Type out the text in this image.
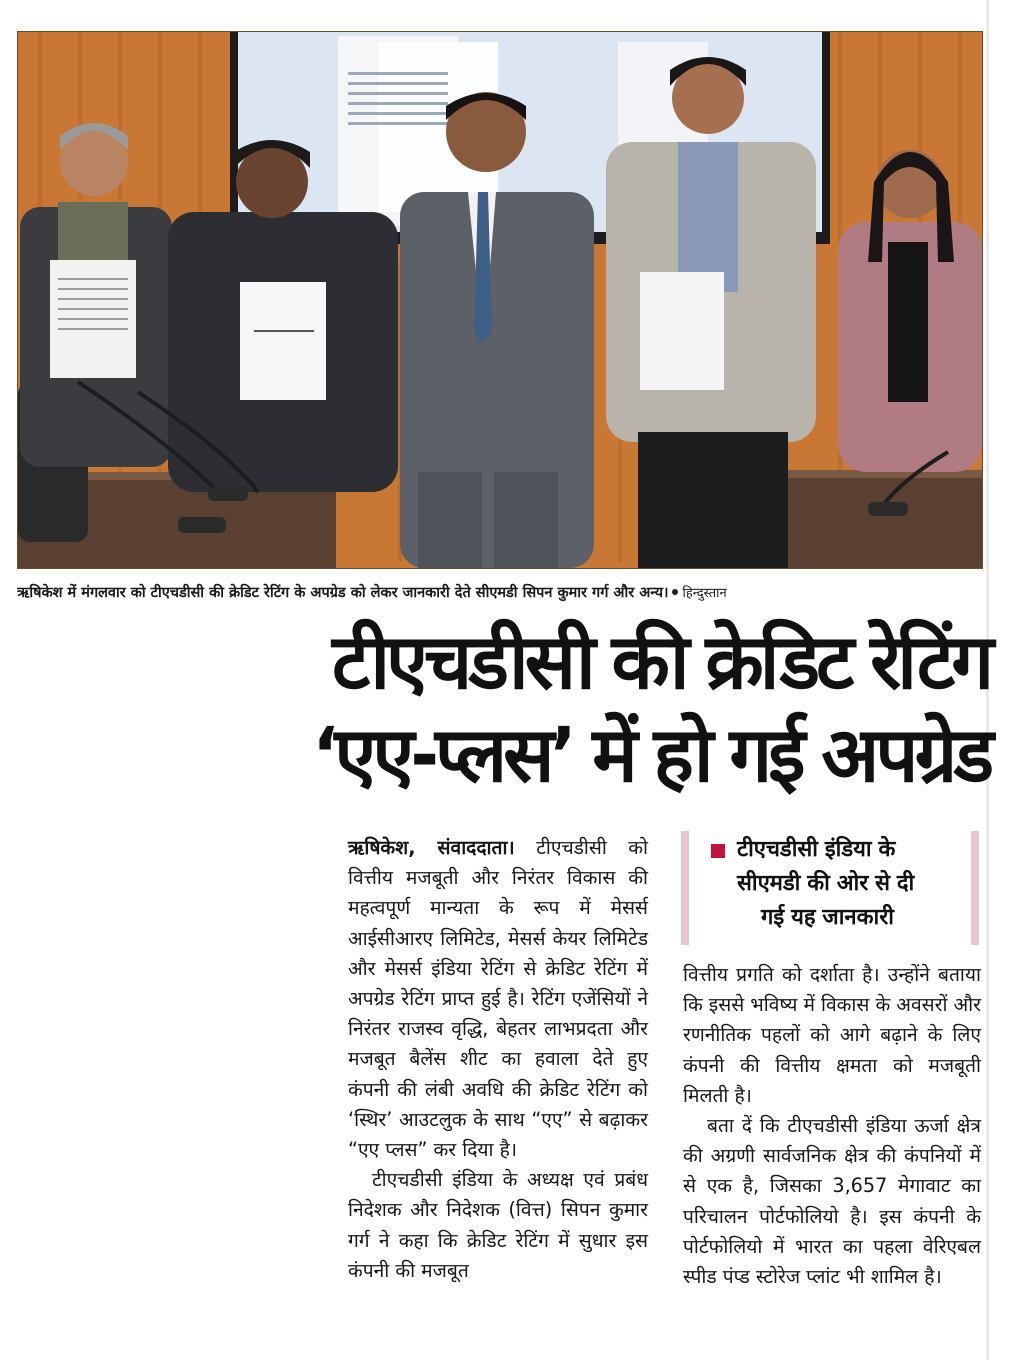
ऋषिकेश में मंगलवार को टीएचडीसी की क्रेडिट रेटिंग के अपग्रेड को लेकर जानकारी देते सीएमडी सिपन कुमार गर्ग और अन्य। हिन्दुस्तान
टीएचडीसी की क्रेडिट रेटिंग
‘एए-प्लस’ में हो गई अपग्रेड
टीएचडीसी इंडिया के
सीएमडी की ओर से दी
गई यह जानकारी

ऋषिकेश, संवाददाता। टीएचडीसी को वित्तीय मजबूती और निरंतर विकास की महत्वपूर्ण मान्यता के रूप में मेसर्स आईसीआरए लिमिटेड, मेसर्स केयर लिमिटेड और मेसर्स इंडिया रेटिंग से क्रेडिट रेटिंग में अपग्रेड रेटिंग प्राप्त हुई है। रेटिंग एजेंसियों ने निरंतर राजस्व वृद्धि, बेहतर लाभप्रदता और मजबूत बैलेंस शीट का हवाला देते हुए कंपनी की लंबी अवधि की क्रेडिट रेटिंग को ‘स्थिर’ आउटलुक के साथ “एए” से बढ़ाकर “एए प्लस” कर दिया है।

टीएचडीसी इंडिया के अध्यक्ष एवं प्रबंध निदेशक और निदेशक (वित्त) सिपन कुमार गर्ग ने कहा कि क्रेडिट रेटिंग में सुधार इस कंपनी की मजबूत

वित्तीय प्रगति को दर्शाता है। उन्होंने बताया कि इससे भविष्य में विकास के अवसरों और रणनीतिक पहलों को आगे बढ़ाने के लिए कंपनी की वित्तीय क्षमता को मजबूती मिलती है।

बता दें कि टीएचडीसी इंडिया ऊर्जा क्षेत्र की अग्रणी सार्वजनिक क्षेत्र की कंपनियों में से एक है, जिसका 3,657 मेगावाट का परिचालन पोर्टफोलियो है। इस कंपनी के पोर्टफोलियो में भारत का पहला वेरिएबल स्पीड पंप्ड स्टोरेज प्लांट भी शामिल है।
